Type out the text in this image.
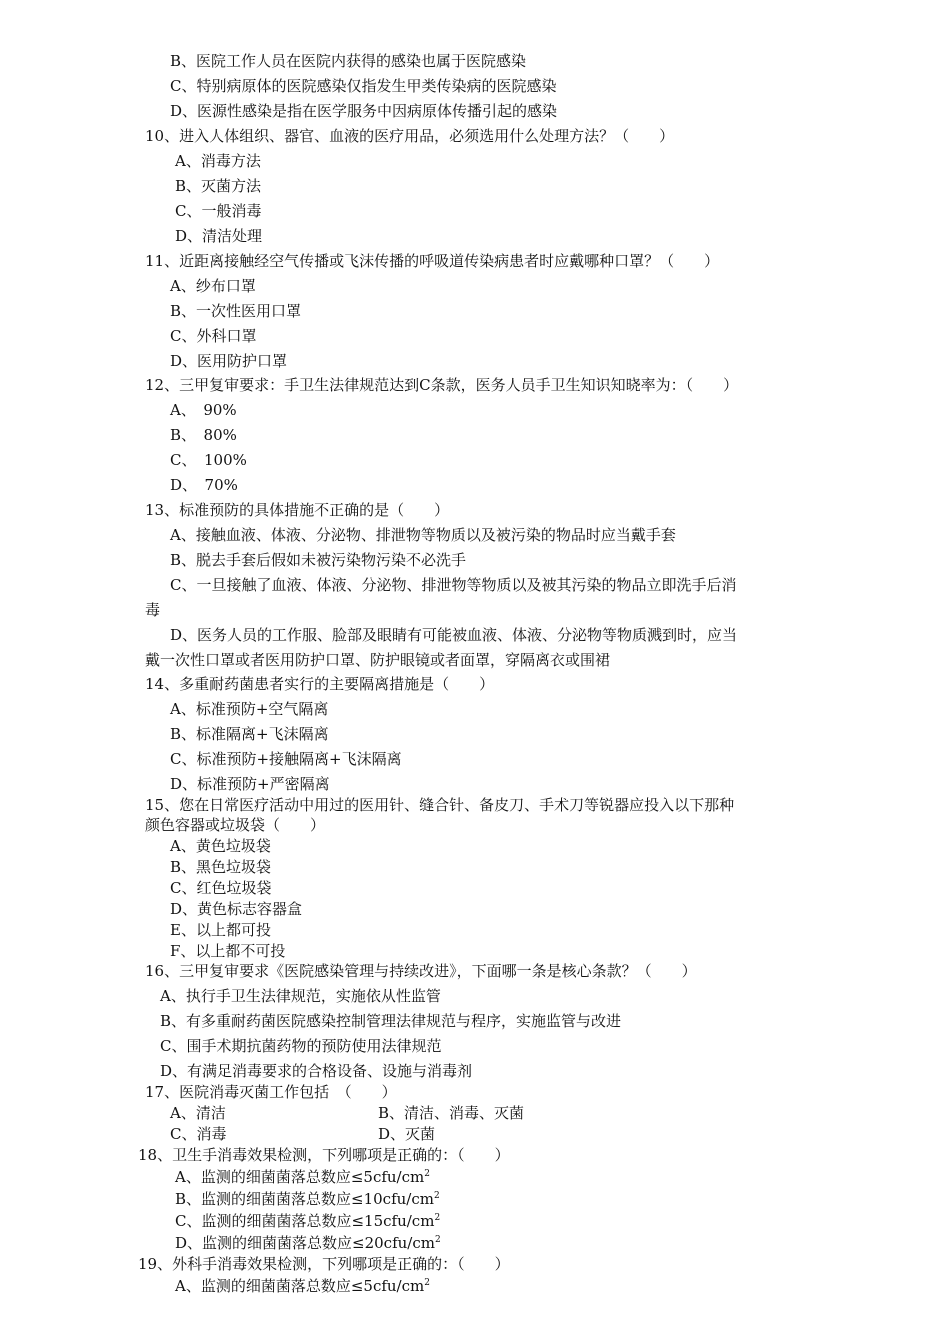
B、医院工作人员在医院内获得的感染也属于医院感染
C、特别病原体的医院感染仅指发生甲类传染病的医院感染
D、医源性感染是指在医学服务中因病原体传播引起的感染
10、进入人体组织、器官、血液的医疗用品，必须选用什么处理方法？（　　）
A、消毒方法
B、灭菌方法
C、一般消毒
D、清洁处理
11、近距离接触经空气传播或飞沫传播的呼吸道传染病患者时应戴哪种口罩？（　　）
A、纱布口罩
B、一次性医用口罩
C、外科口罩
D、医用防护口罩
12、三甲复审要求：手卫生法律规范达到C条款，医务人员手卫生知识知晓率为：（　　）
A、　90%
B、　80%
C、　100%
D、　70%
13、标准预防的具体措施不正确的是（　　）
A、接触血液、体液、分泌物、排泄物等物质以及被污染的物品时应当戴手套
B、脱去手套后假如未被污染物污染不必洗手
C、一旦接触了血液、体液、分泌物、排泄物等物质以及被其污染的物品立即洗手后消
毒
D、医务人员的工作服、脸部及眼睛有可能被血液、体液、分泌物等物质溅到时，应当
戴一次性口罩或者医用防护口罩、防护眼镜或者面罩，穿隔离衣或围裙
14、多重耐药菌患者实行的主要隔离措施是（　　）
A、标准预防+空气隔离
B、标准隔离+飞沫隔离
C、标准预防+接触隔离+飞沫隔离
D、标准预防+严密隔离
15、您在日常医疗活动中用过的医用针、缝合针、备皮刀、手术刀等锐器应投入以下那种
颜色容器或垃圾袋（　　）
A、黄色垃圾袋
B、黑色垃圾袋
C、红色垃圾袋
D、黄色标志容器盒
E、以上都可投
F、以上都不可投
16、三甲复审要求《医院感染管理与持续改进》，下面哪一条是核心条款？（　　）
A、执行手卫生法律规范，实施依从性监管
B、有多重耐药菌医院感染控制管理法律规范与程序，实施监管与改进
C、围手术期抗菌药物的预防使用法律规范
D、有满足消毒要求的合格设备、设施与消毒剂
17、医院消毒灭菌工作包括　（　　）
A、清洁	B、清洁、消毒、灭菌
C、消毒	D、灭菌
18、卫生手消毒效果检测，下列哪项是正确的：（　　）
A、监测的细菌菌落总数应$\le 5cfu/cm^2$
B、监测的细菌菌落总数应$\le 10cfu/cm^2$
C、监测的细菌菌落总数应$\le 15cfu/cm^2$
D、监测的细菌菌落总数应$\le 20cfu/cm^2$
19、外科手消毒效果检测，下列哪项是正确的：（　　）
A、监测的细菌菌落总数应$\le 5cfu/cm^2$
